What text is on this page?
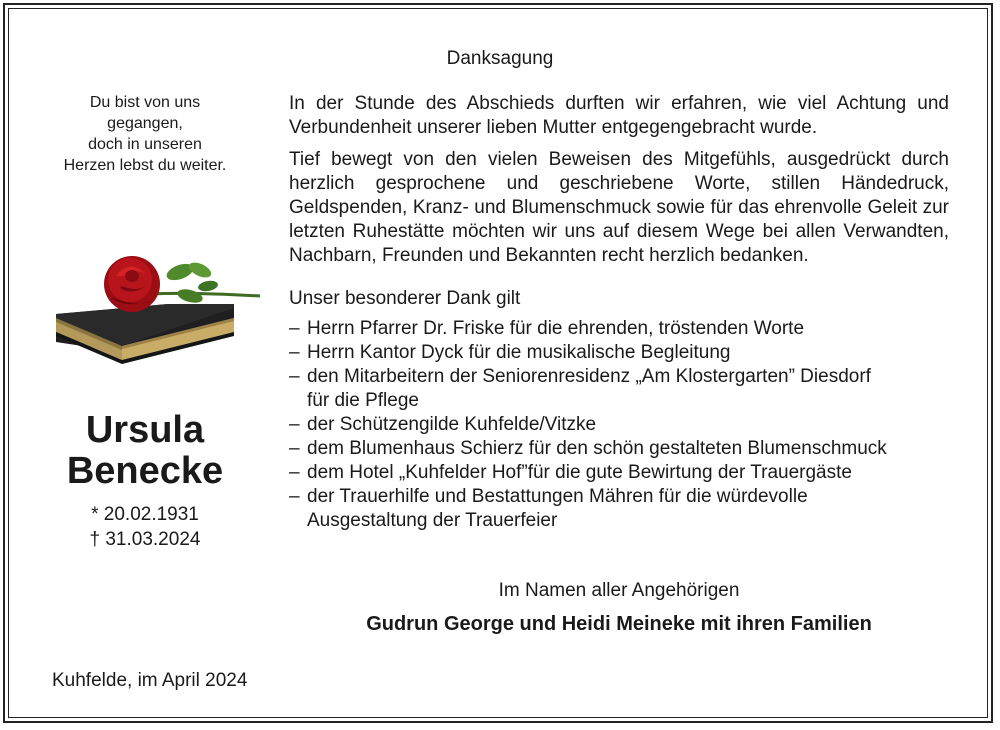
Danksagung
Du bist von uns
gegangen,
doch in unseren
Herzen lebst du weiter.
Ursula
Benecke
* 20.02.1931
† 31.03.2024

In der Stunde des Abschieds durften wir erfahren, wie viel Achtung und Verbundenheit unserer lieben Mutter entgegengebracht wurde.

Tief bewegt von den vielen Beweisen des Mitgefühls, ausgedrückt durch herzlich gesprochene und geschriebene Worte, stillen Händedruck, Geldspenden, Kranz- und Blumenschmuck sowie für das ehrenvolle Geleit zur letzten Ruhestätte möchten wir uns auf diesem Wege bei allen Verwandten, Nachbarn, Freunden und Bekannten recht herzlich bedanken.

Unser besonderer Dank gilt
– Herrn Pfarrer Dr. Friske für die ehrenden, tröstenden Worte
– Herrn Kantor Dyck für die musikalische Begleitung
– den Mitarbeitern der Seniorenresidenz „Am Klostergarten” Diesdorf
für die Pflege
– der Schützengilde Kuhfelde/Vitzke
– dem Blumenhaus Schierz für den schön gestalteten Blumenschmuck
– dem Hotel „Kuhfelder Hof”für die gute Bewirtung der Trauergäste
– der Trauerhilfe und Bestattungen Mähren für die würdevolle
Ausgestaltung der Trauerfeier
Im Namen aller Angehörigen
Gudrun George und Heidi Meineke mit ihren Familien
Kuhfelde, im April 2024
